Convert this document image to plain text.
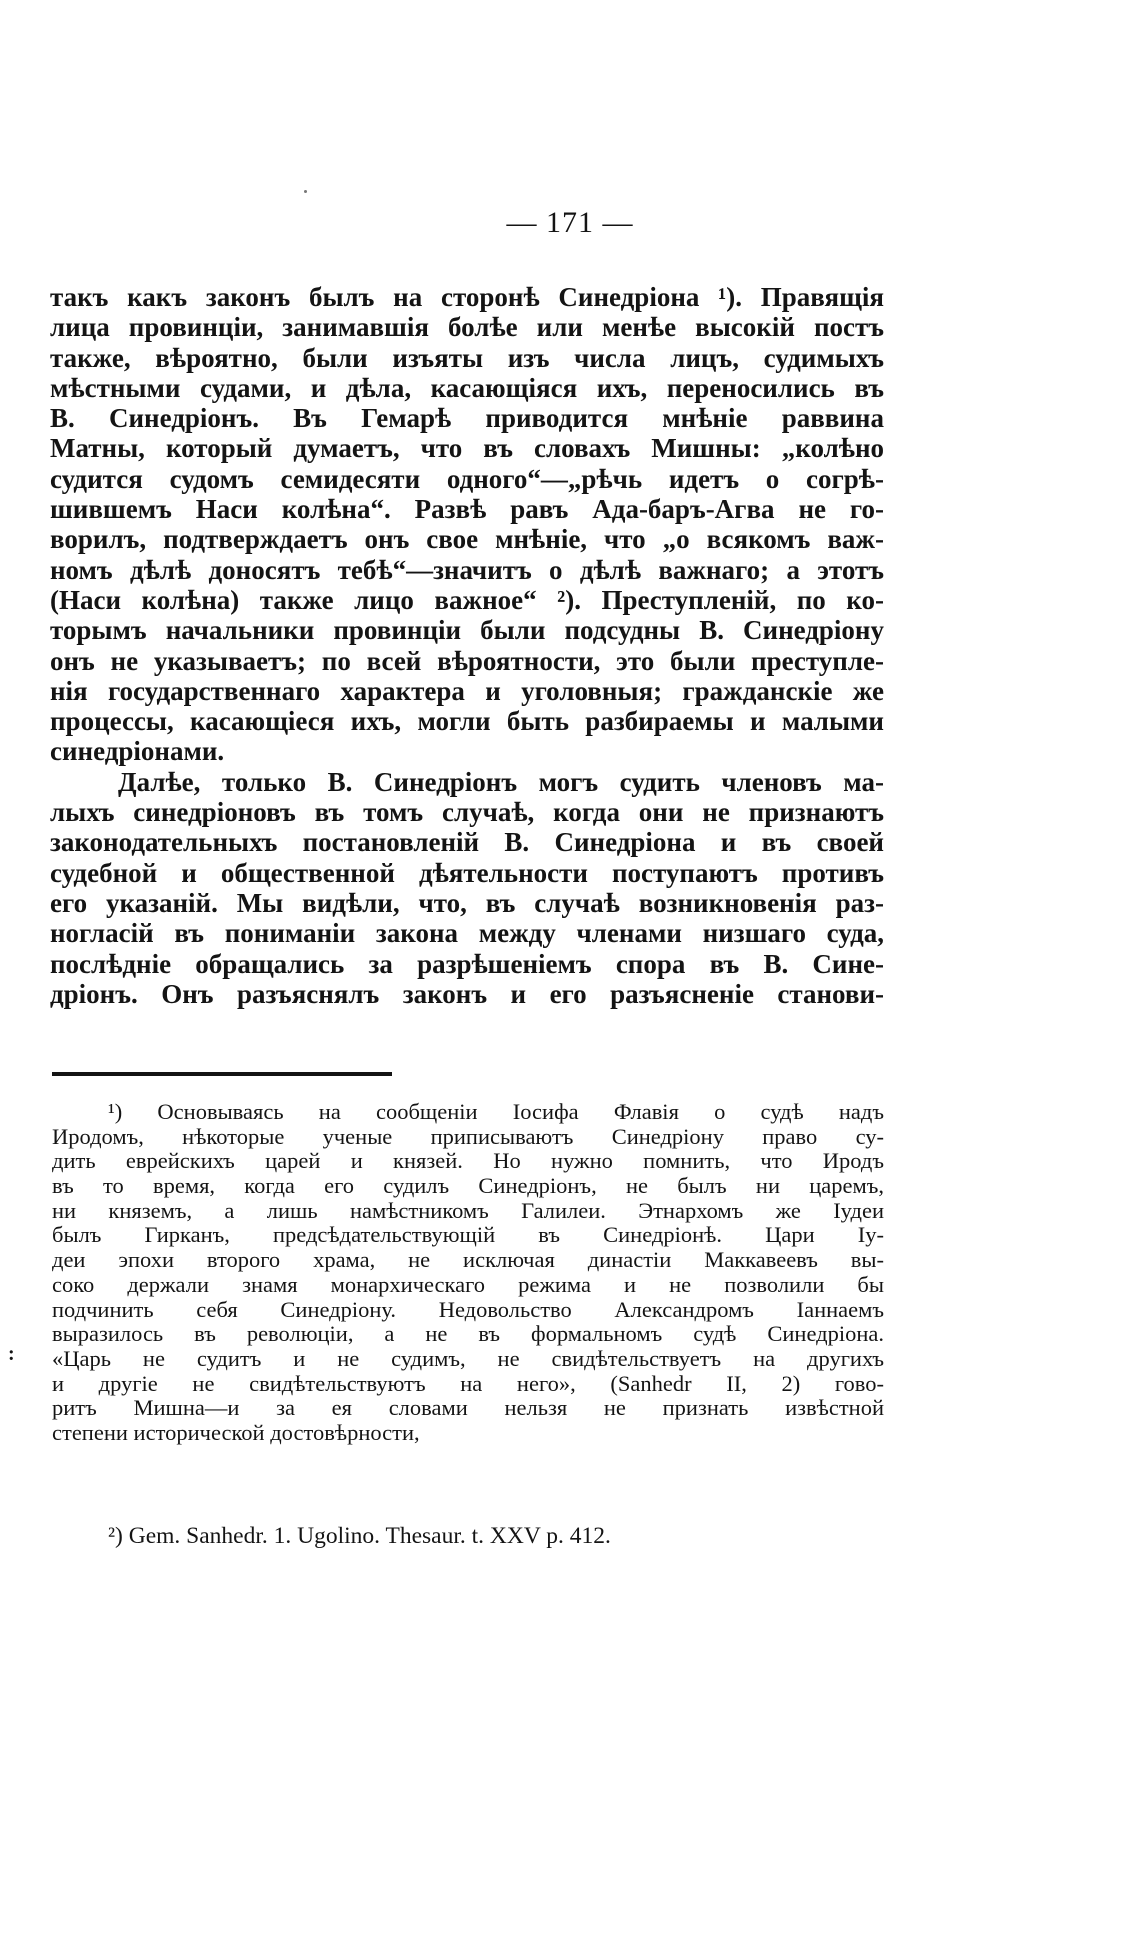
— 171 —
такъ какъ законъ былъ на сторонѣ Синедріона ¹). Правящія
лица провинціи, занимавшія болѣе или менѣе высокій постъ
также, вѣроятно, были изъяты изъ числа лицъ, судимыхъ
мѣстными судами, и дѣла, касающіяся ихъ, переносились въ
В. Синедріонъ. Въ Гемарѣ приводится мнѣніе раввина
Матны, который думаетъ, что въ словахъ Мишны: „колѣно
судится судомъ семидесяти одного“—„рѣчь идетъ о согрѣ-
шившемъ Наси колѣна“. Развѣ равъ Ада-баръ-Агва не го-
ворилъ, подтверждаетъ онъ свое мнѣніе, что „о всякомъ важ-
номъ дѣлѣ доносятъ тебѣ“—значитъ о дѣлѣ важнаго; а этотъ
(Наси колѣна) также лицо важное“ ²). Преступленій, по ко-
торымъ начальники провинціи были подсудны В. Синедріону
онъ не указываетъ; по всей вѣроятности, это были преступле-
нія государственнаго характера и уголовныя; гражданскіе же
процессы, касающіеся ихъ, могли быть разбираемы и малыми
синедріонами.
Далѣе, только В. Синедріонъ могъ судить членовъ ма-
лыхъ синедріоновъ въ томъ случаѣ, когда они не признаютъ
законодательныхъ постановленій В. Синедріона и въ своей
судебной и общественной дѣятельности поступаютъ противъ
его указаній. Мы видѣли, что, въ случаѣ возникновенія раз-
ногласій въ пониманіи закона между членами низшаго суда,
послѣдніе обращались за разрѣшеніемъ спора въ В. Сине-
дріонъ. Онъ разъяснялъ законъ и его разъясненіе станови-
:
¹) Основываясь на сообщеніи Іосифа Флавія о судѣ надъ
Иродомъ, нѣкоторые ученые приписываютъ Синедріону право су-
дить еврейскихъ царей и князей. Но нужно помнить, что Иродъ
въ то время, когда его судилъ Синедріонъ, не былъ ни царемъ,
ни княземъ, а лишь намѣстникомъ Галилеи. Этнархомъ же Іудеи
былъ Гирканъ, предсѣдательствующій въ Синедріонѣ. Цари Іу-
деи эпохи второго храма, не исключая династіи Маккавеевъ вы-
соко держали знамя монархическаго режима и не позволили бы
подчинить себя Синедріону. Недовольство Александромъ Іаннаемъ
выразилось въ революціи, а не въ формальномъ судѣ Синедріона.
«Царь не судитъ и не судимъ, не свидѣтельствуетъ на другихъ
и другіе не свидѣтельствуютъ на него», (Sanhedr II, 2) гово-
ритъ Мишна—и за ея словами нельзя не признать извѣстной
степени исторической достовѣрности,
²) Gem. Sanhedr. 1. Ugolino. Thesaur. t. XXV p. 412.
